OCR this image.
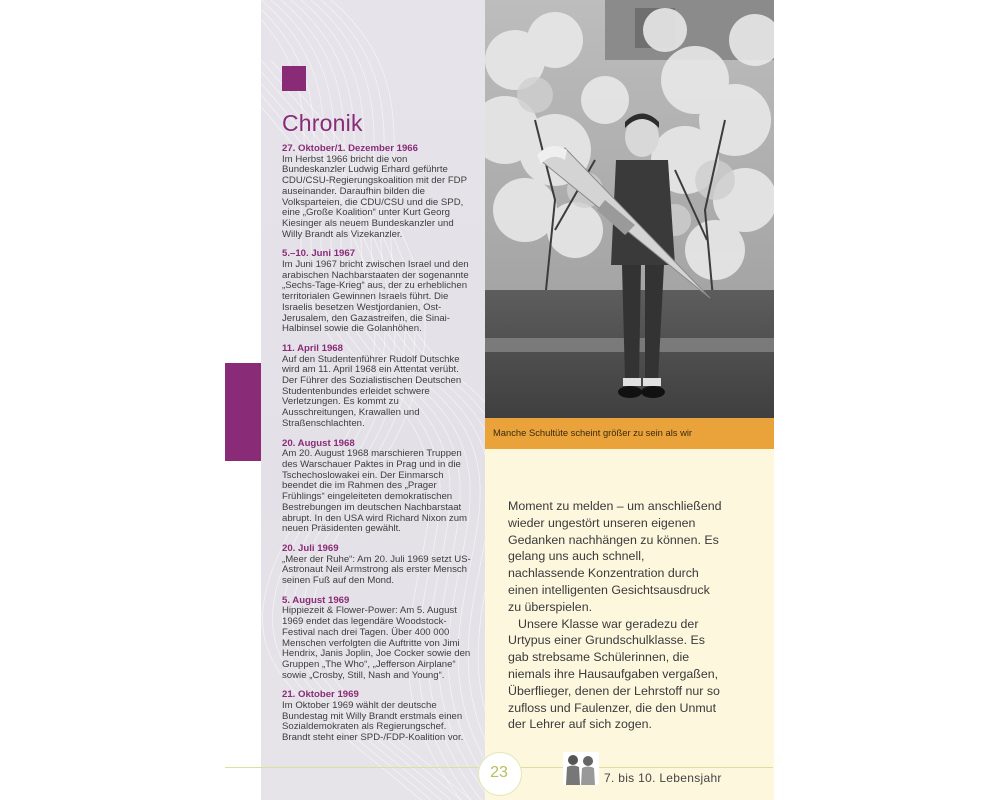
Chronik
27. Oktober/1. Dezember 1966
Im Herbst 1966 bricht die von Bundeskanzler Ludwig Erhard geführte CDU/CSU-Regierungskoalition mit der FDP auseinander. Daraufhin bilden die Volksparteien, die CDU/CSU und die SPD, eine „Große Koalition“ unter Kurt Georg Kiesinger als neuem Bundeskanzler und Willy Brandt als Vizekanzler.
5.–10. Juni 1967
Im Juni 1967 bricht zwischen Israel und den arabischen Nachbarstaaten der sogenannte „Sechs-Tage-Krieg“ aus, der zu erheblichen territorialen Gewinnen Israels führt. Die Israelis besetzen Westjordanien, Ost-Jerusalem, den Gazastreifen, die Sinai-Halbinsel sowie die Golanhöhen.
11. April 1968
Auf den Studentenführer Rudolf Dutschke wird am 11. April 1968 ein Attentat verübt. Der Führer des Sozialistischen Deutschen Studentenbundes erleidet schwere Verletzungen. Es kommt zu Ausschreitungen, Krawallen und Straßenschlachten.
20. August 1968
Am 20. August 1968 marschieren Truppen des Warschauer Paktes in Prag und in die Tschechoslowakei ein. Der Einmarsch beendet die im Rahmen des „Prager Frühlings“ eingeleiteten demokratischen Bestrebungen im deutschen Nachbarstaat abrupt. In den USA wird Richard Nixon zum neuen Präsidenten gewählt.
20. Juli 1969
„Meer der Ruhe“: Am 20. Juli 1969 setzt US-Astronaut Neil Armstrong als erster Mensch seinen Fuß auf den Mond.
5. August 1969
Hippiezeit & Flower-Power: Am 5. August 1969 endet das legendäre Woodstock-Festival nach drei Tagen. Über 400 000 Menschen verfolgten die Auftritte von Jimi Hendrix, Janis Joplin, Joe Cocker sowie den Gruppen „The Who“, „Jefferson Airplane“ sowie „Crosby, Still, Nash and Young“.
21. Oktober 1969
Im Oktober 1969 wählt der deutsche Bundestag mit Willy Brandt erstmals einen Sozialdemokraten als Regierungschef. Brandt steht einer SPD-/FDP-Koalition vor.
Manche Schultüte scheint größer zu sein als wir

Moment zu melden – um anschließend wieder ungestört unseren eigenen Gedanken nachhängen zu können. Es gelang uns auch schnell, nachlassende Konzentration durch einen intelligenten Gesichtsausdruck zu überspielen.

Unsere Klasse war geradezu der Urtypus einer Grundschulklasse. Es gab strebsame Schülerinnen, die niemals ihre Hausaufgaben vergaßen, Überflieger, denen der Lehrstoff nur so zufloss und Faulenzer, die den Unmut der Lehrer auf sich zogen.

23	7. bis 10. Lebensjahr
